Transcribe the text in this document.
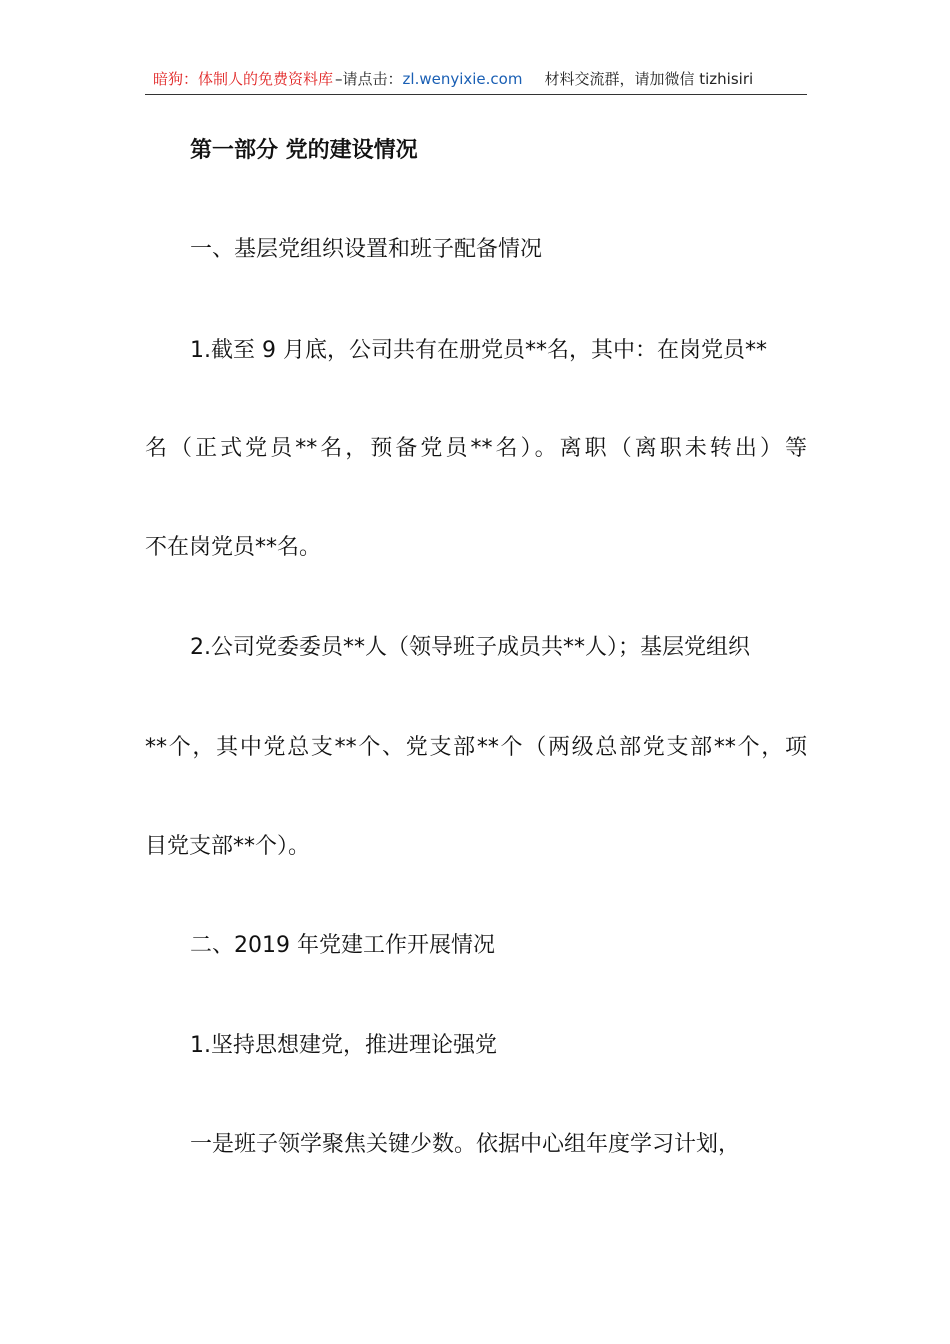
暗狗：体制人的免费资料库 –请点击： zl.wenyixie.com 材料交流群，请加微信 tizhisiri
第一部分 党的建设情况
一、基层党组织设置和班子配备情况
1.截至 9 月底，公司共有在册党员**名，其中：在岗党员**
名（正式党员**名，预备党员**名）。离职（离职未转出）等
不在岗党员**名。
2.公司党委委员**人（领导班子成员共**人）；基层党组织
**个，其中党总支**个、党支部**个（两级总部党支部**个，项
目党支部**个）。
二、2019 年党建工作开展情况
1.坚持思想建党，推进理论强党
一是班子领学聚焦关键少数。依据中心组年度学习计划，
